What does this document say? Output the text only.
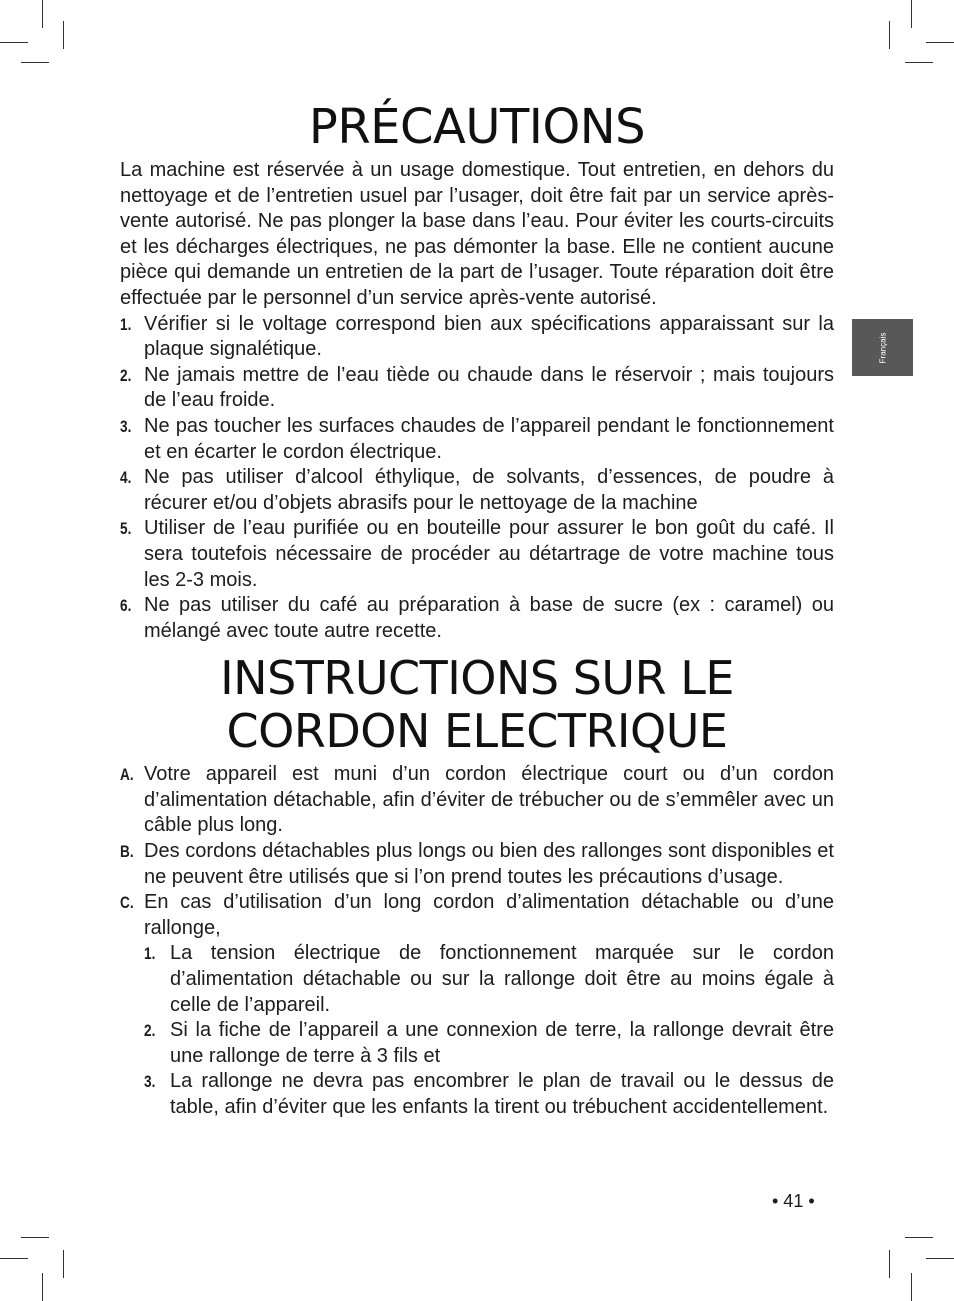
Français
PRÉCAUTIONS

La machine est réservée à un usage domestique. Tout entretien, en dehors du nettoyage et de l’entretien usuel par l’usager, doit être fait par un service après-vente autorisé. Ne pas plonger la base dans l’eau. Pour éviter les courts-circuits et les décharges électriques, ne pas démonter la base. Elle ne contient aucune pièce qui demande un entretien de la part de l’usager. Toute réparation doit être effectuée par le personnel d’un service après-vente autorisé.

1. Vérifier si le voltage correspond bien aux spécifications apparaissant sur la plaque signalétique.
2. Ne jamais mettre de l’eau tiède ou chaude dans le réservoir ; mais toujours de l’eau froide.
3. Ne pas toucher les surfaces chaudes de l’appareil pendant le fonctionnement et en écarter le cordon électrique.
4. Ne pas utiliser d’alcool éthylique, de solvants, d’essences, de poudre à récurer et/ou d’objets abrasifs pour le nettoyage de la machine
5. Utiliser de l’eau purifiée ou en bouteille pour assurer le bon goût du café. Il sera toutefois nécessaire de procéder au détartrage de votre machine tous les 2-3 mois.
6. Ne pas utiliser du café au préparation à base de sucre (ex : caramel) ou mélangé avec toute autre recette.
INSTRUCTIONS SUR LE
CORDON ELECTRIQUE
A. Votre appareil est muni d’un cordon électrique court ou d’un cordon d’alimentation détachable, afin d’éviter de trébucher ou de s’emmêler avec un câble plus long.
B. Des cordons détachables plus longs ou bien des rallonges sont disponibles et ne peuvent être utilisés que si l’on prend toutes les précautions d’usage.
C. En cas d’utilisation d’un long cordon d’alimentation détachable ou d’une rallonge,
1. La tension électrique de fonctionnement marquée sur le cordon d’alimentation détachable ou sur la rallonge doit être au moins égale à celle de l’appareil.
2. Si la fiche de l’appareil a une connexion de terre, la rallonge devrait être une rallonge de terre à 3 fils et
3. La rallonge ne devra pas encombrer le plan de travail ou le dessus de table, afin d’éviter que les enfants la tirent ou trébuchent accidentellement.
• 41 •
